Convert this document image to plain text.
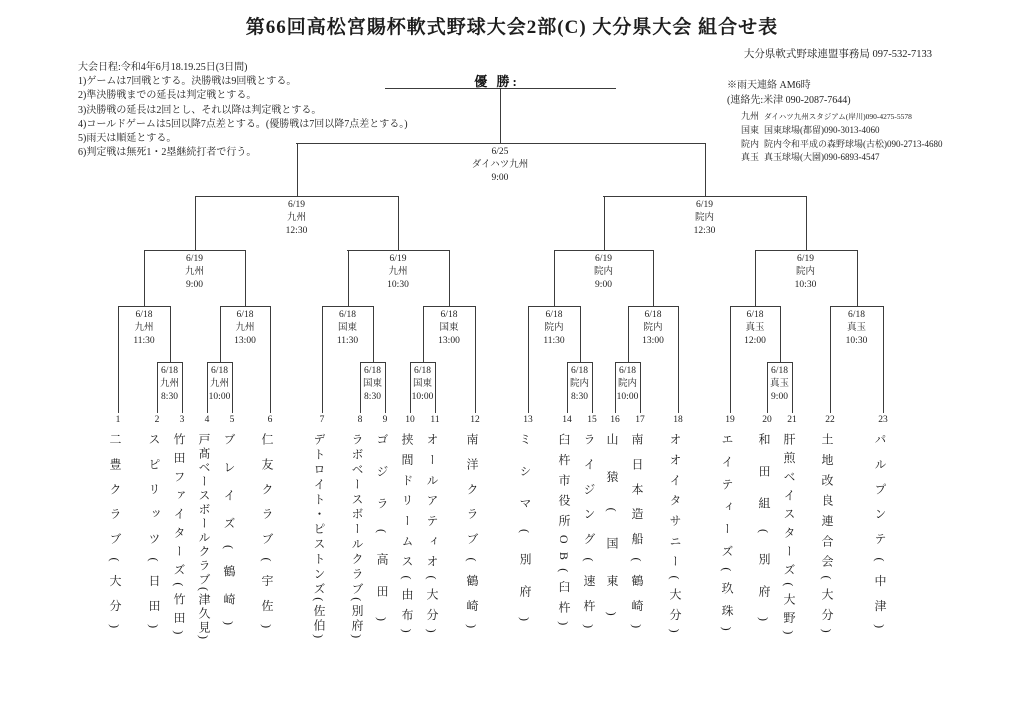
第66回高松宮賜杯軟式野球大会2部(C) 大分県大会 組合せ表
大分県軟式野球連盟事務局 097-532-7133
大会日程:令和4年6月18.19.25日(3日間)
1)ゲームは7回戦とする。決勝戦は9回戦とする。
2)準決勝戦までの延長は判定戦とする。
3)決勝戦の延長は2回とし、それ以降は判定戦とする。
4)コールドゲームは5回以降7点差とする。(優勝戦は7回以降7点差とする。)
5)雨天は順延とする。
6)判定戦は無死1・2塁継続打者で行う。
※雨天連絡 AM6時
(連絡先:米津 090-2087-7644)
九州 ダイハツ九州スタジアム(岸川)090-4275-5578
国東 国東球場(都留)090-3013-4060
院内 院内令和平成の森野球場(古松)090-2713-4680
真玉 真玉球場(大園)090-6893-4547
6/18
九州
8:30
6/18
九州
10:00
6/18
国東
8:30
6/18
国東
10:00
6/18
院内
8:30
6/18
院内
10:00
6/18
真玉
9:00
6/18
九州
11:30
6/18
九州
13:00
6/18
国東
11:30
6/18
国東
13:00
6/18
院内
11:30
6/18
院内
13:00
6/18
真玉
12:00
6/18
真玉
10:30
6/19
九州
9:00
6/19
九州
10:30
6/19
院内
9:00
6/19
院内
10:30
6/19
九州
12:30
6/19
院内
12:30
6/25
ダイハツ九州
9:00
1
二豊クラブ(大分)
2
スピリッツ(日田)
3
竹田ファイターズ(竹田)
4
戸髙ベースボールクラブ(津久見)
5
ブレイズ(鶴崎)
6
仁友クラブ(宇佐)
7
デトロイト・ピストンズ(佐伯)
8
ラボベースボールクラブ(別府)
9
ゴジラ(高田)
10
挟間ドリームス(由布)
11
オールアティオ(大分)
12
南洋クラブ(鶴崎)
13
ミシマ(別府)
14
臼杵市役所OB(臼杵)
15
ライジング(速杵)
16
山猿(国東)
17
南日本造船(鶴崎)
18
オオイタサニー(大分)
19
エイティーズ(玖珠)
20
和田組(別府)
21
肝煎ベイスターズ(大野)
22
土地改良連合会(大分)
23
パルプンテ(中津)
優 勝:
